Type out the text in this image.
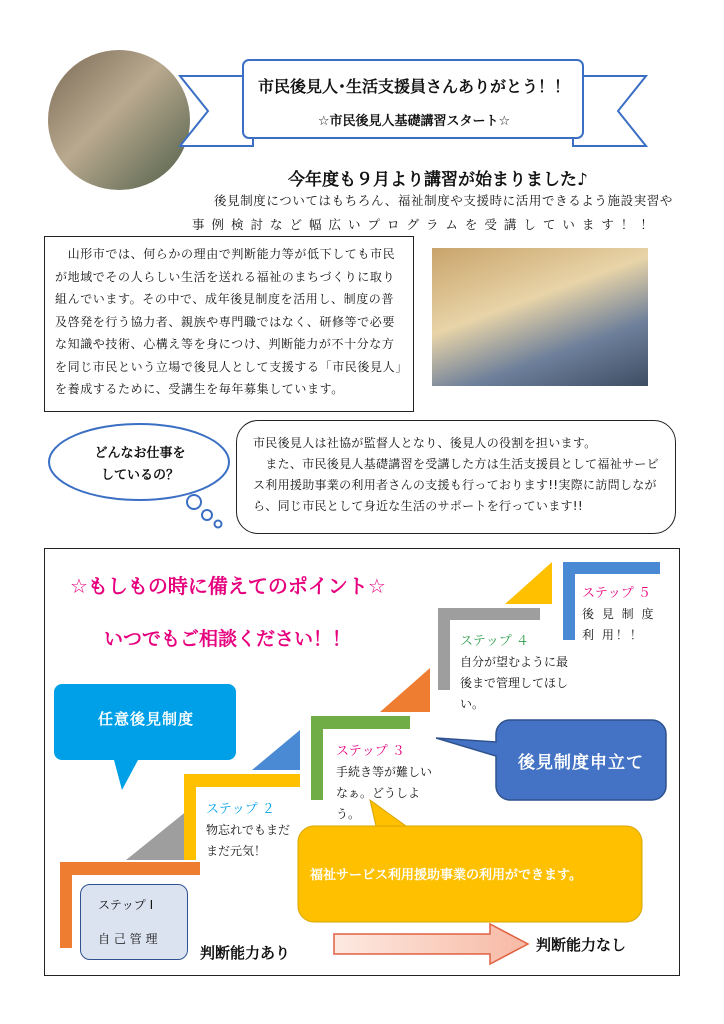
市民後見人･生活支援員さんありがとう！！
☆市民後見人基礎講習スタート☆
今年度も９月より講習が始まりました♪
後見制度についてはもちろん、福祉制度や支援時に活用できるよう施設実習や
事例検討など幅広いプログラムを受講しています！！
　山形市では、何らかの理由で判断能力等が低下しても市民が地域でその人らしい生活を送れる福祉のまちづくりに取り組んでいます。その中で、成年後見制度を活用し、制度の普及啓発を行う協力者、親族や専門職ではなく、研修等で必要な知識や技術、心構え等を身につけ、判断能力が不十分な方を同じ市民という立場で後見人として支援する「市民後見人」を養成するために、受講生を毎年募集しています。
どんなお仕事を
しているの？
市民後見人は社協が監督人となり、後見人の役割を担います。
　また、市民後見人基礎講習を受講した方は生活支援員として福祉サービス利用援助事業の利用者さんの支援も行っております!!実際に訪問しながら、同じ市民として身近な生活のサポートを行っています!!
☆もしもの時に備えてのポイント☆
いつでもご相談ください！！
任意後見制度
後見制度申立て
福祉サービス利用援助事業の利用ができます。
ステップ Ⅰ
自 己 管 理
ステップ ２
物忘れでもまだまだ元気！
ステップ ３
手続き等が難しいなぁ。どうしよう。
ステップ ４
自分が望むように最後まで管理してほしい。
ステップ ５
後 見 制 度 利 用！！
判断能力あり	判断能力なし
